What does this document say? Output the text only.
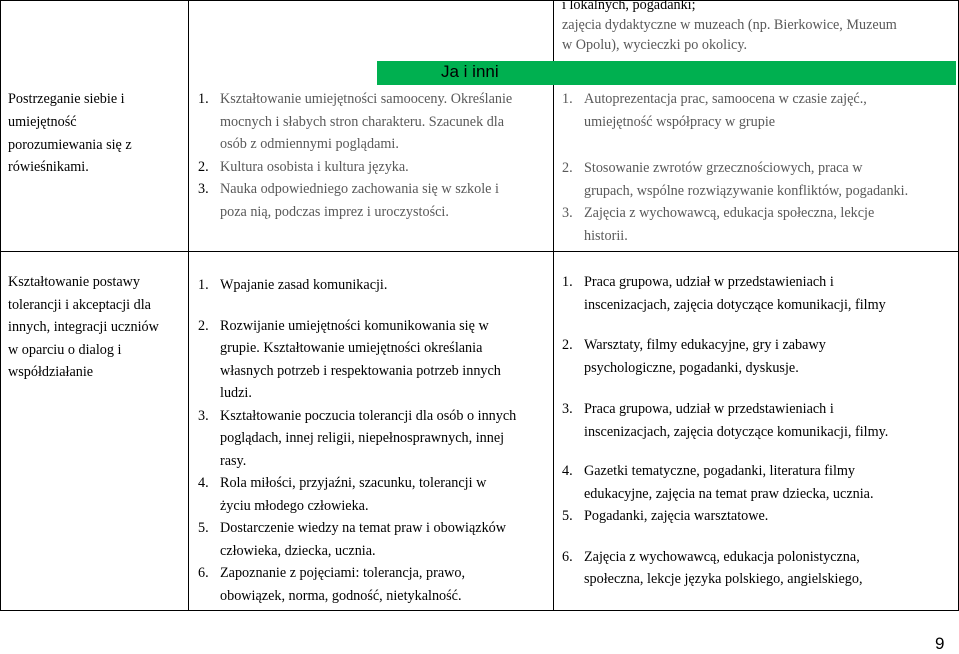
Ja i inni
i lokalnych, pogadanki;
zajęcia dydaktyczne w muzeach (np. Bierkowice, Muzeum
w Opolu), wycieczki po okolicy.
Postrzeganie siebie i
umiejętność
porozumiewania się z
rówieśnikami.
1. Kształtowanie umiejętności samooceny. Określanie
mocnych i słabych stron charakteru. Szacunek dla
osób z odmiennymi poglądami.
2. Kultura osobista i kultura języka.
3. Nauka odpowiedniego zachowania się w szkole i
poza nią, podczas imprez i uroczystości.
1. Autoprezentacja prac, samoocena w czasie zajęć.,
umiejętność współpracy w grupie
2. Stosowanie zwrotów grzecznościowych, praca w
grupach, wspólne rozwiązywanie konfliktów, pogadanki.
3. Zajęcia z wychowawcą, edukacja społeczna, lekcje
historii.
Kształtowanie postawy
tolerancji i akceptacji dla
innych, integracji uczniów
w oparciu o dialog i
współdziałanie
1. Wpajanie zasad komunikacji.
2. Rozwijanie umiejętności komunikowania się w
grupie. Kształtowanie umiejętności określania
własnych potrzeb i respektowania potrzeb innych
ludzi.
3. Kształtowanie poczucia tolerancji dla osób o innych
poglądach, innej religii, niepełnosprawnych, innej
rasy.
4. Rola miłości, przyjaźni, szacunku, tolerancji w
życiu młodego człowieka.
5. Dostarczenie wiedzy na temat praw i obowiązków
człowieka, dziecka, ucznia.
6. Zapoznanie z pojęciami: tolerancja, prawo,
obowiązek, norma, godność, nietykalność.
1. Praca grupowa, udział w przedstawieniach i
inscenizacjach, zajęcia dotyczące komunikacji, filmy
2. Warsztaty, filmy edukacyjne, gry i zabawy
psychologiczne, pogadanki, dyskusje.
3. Praca grupowa, udział w przedstawieniach i
inscenizacjach, zajęcia dotyczące komunikacji, filmy.
4. Gazetki tematyczne, pogadanki, literatura filmy
edukacyjne, zajęcia na temat praw dziecka, ucznia.
5. Pogadanki, zajęcia warsztatowe.
6. Zajęcia z wychowawcą, edukacja polonistyczna,
społeczna, lekcje języka polskiego, angielskiego,
9
